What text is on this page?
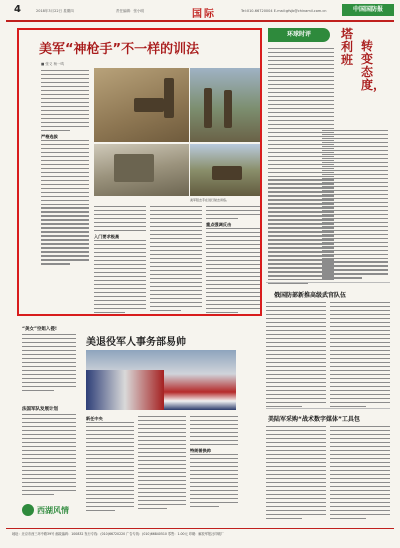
4	2018年3月22日 星期四	责任编辑：张小明	国际	Tel:010-66720004 E-mail:gfsjb@chinamil.com.cn	中国国防报
美军“神枪手”不一样的训法
■ 张义 杨一鸣
美军狙击手在进行射击训练。
严格选拔
入门要求极高
重点强调反击
环球时评	塔利班
转变态度，
俄国防部新推高级武官队伍
美陆军采购“战术数字媒体”工具包
“美女”空姐入侵!
法国军队发展计划
西湖风情
美退役军人事务部易帅
新任中央
特朗普换帅
地址：北京市西三环中路39号 邮政编码：100832 发行专线：(010)66720220 广告专线：(010)66840510 零售：1.00元 印刷：解放军报社印刷厂
